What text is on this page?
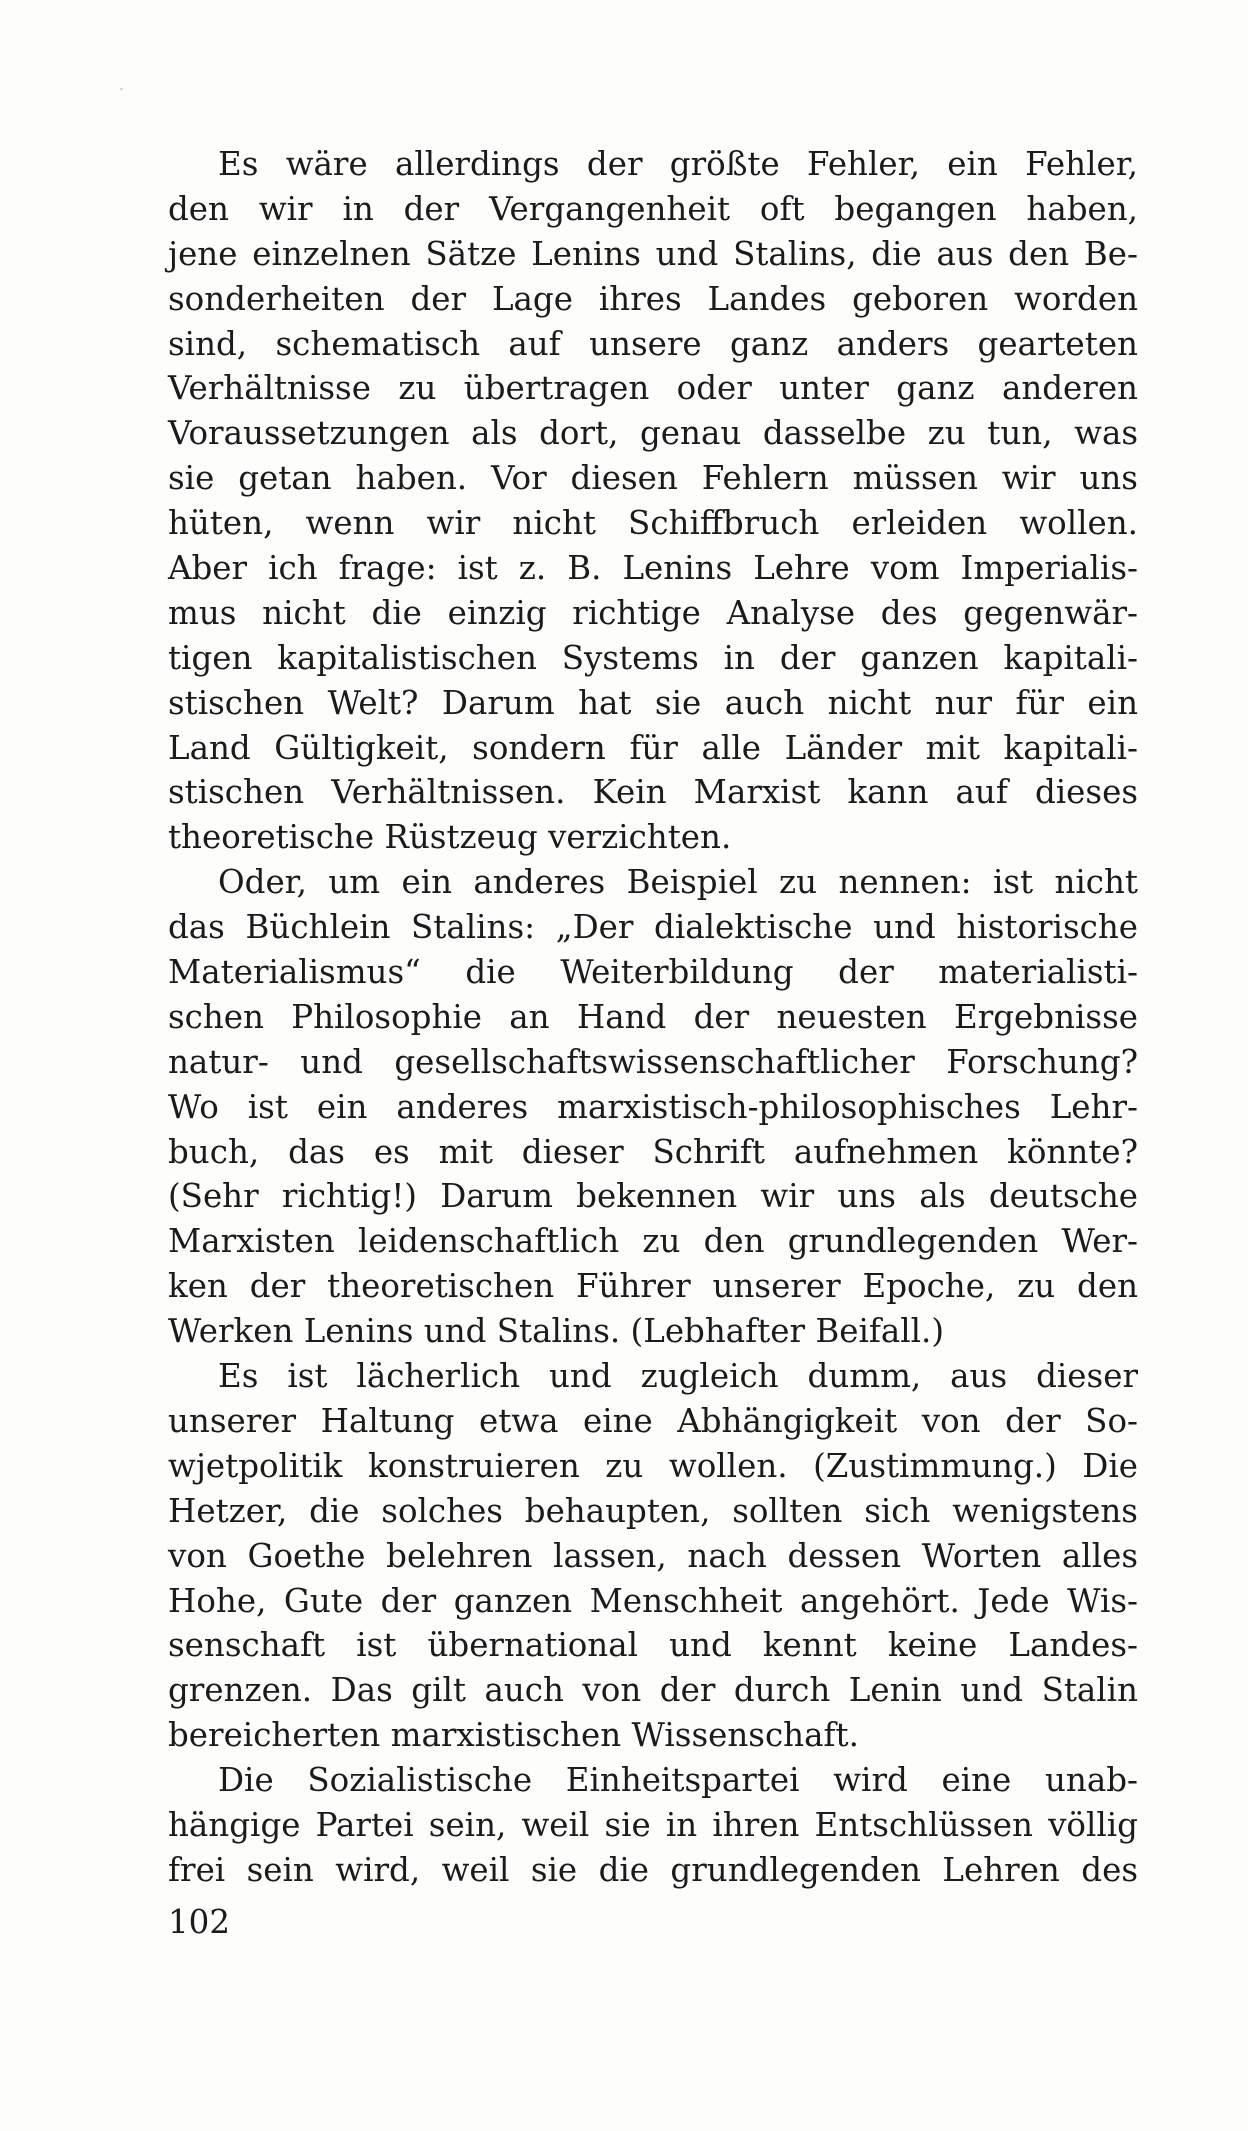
Es wäre allerdings der größte Fehler, ein Fehler,
den wir in der Vergangenheit oft begangen haben,
jene einzelnen Sätze Lenins und Stalins, die aus den Be-
sonderheiten der Lage ihres Landes geboren worden
sind, schematisch auf unsere ganz anders gearteten
Verhältnisse zu übertragen oder unter ganz anderen
Voraussetzungen als dort, genau dasselbe zu tun, was
sie getan haben. Vor diesen Fehlern müssen wir uns
hüten, wenn wir nicht Schiffbruch erleiden wollen.
Aber ich frage: ist z. B. Lenins Lehre vom Imperialis-
mus nicht die einzig richtige Analyse des gegenwär-
tigen kapitalistischen Systems in der ganzen kapitali-
stischen Welt? Darum hat sie auch nicht nur für ein
Land Gültigkeit, sondern für alle Länder mit kapitali-
stischen Verhältnissen. Kein Marxist kann auf dieses
theoretische Rüstzeug verzichten.
Oder, um ein anderes Beispiel zu nennen: ist nicht
das Büchlein Stalins: „Der dialektische und historische
Materialismus“ die Weiterbildung der materialisti-
schen Philosophie an Hand der neuesten Ergebnisse
natur- und gesellschaftswissenschaftlicher Forschung?
Wo ist ein anderes marxistisch-philosophisches Lehr-
buch, das es mit dieser Schrift aufnehmen könnte?
(Sehr richtig!) Darum bekennen wir uns als deutsche
Marxisten leidenschaftlich zu den grundlegenden Wer-
ken der theoretischen Führer unserer Epoche, zu den
Werken Lenins und Stalins. (Lebhafter Beifall.)
Es ist lächerlich und zugleich dumm, aus dieser
unserer Haltung etwa eine Abhängigkeit von der So-
wjetpolitik konstruieren zu wollen. (Zustimmung.) Die
Hetzer, die solches behaupten, sollten sich wenigstens
von Goethe belehren lassen, nach dessen Worten alles
Hohe, Gute der ganzen Menschheit angehört. Jede Wis-
senschaft ist übernational und kennt keine Landes-
grenzen. Das gilt auch von der durch Lenin und Stalin
bereicherten marxistischen Wissenschaft.
Die Sozialistische Einheitspartei wird eine unab-
hängige Partei sein, weil sie in ihren Entschlüssen völlig
frei sein wird, weil sie die grundlegenden Lehren des
102
